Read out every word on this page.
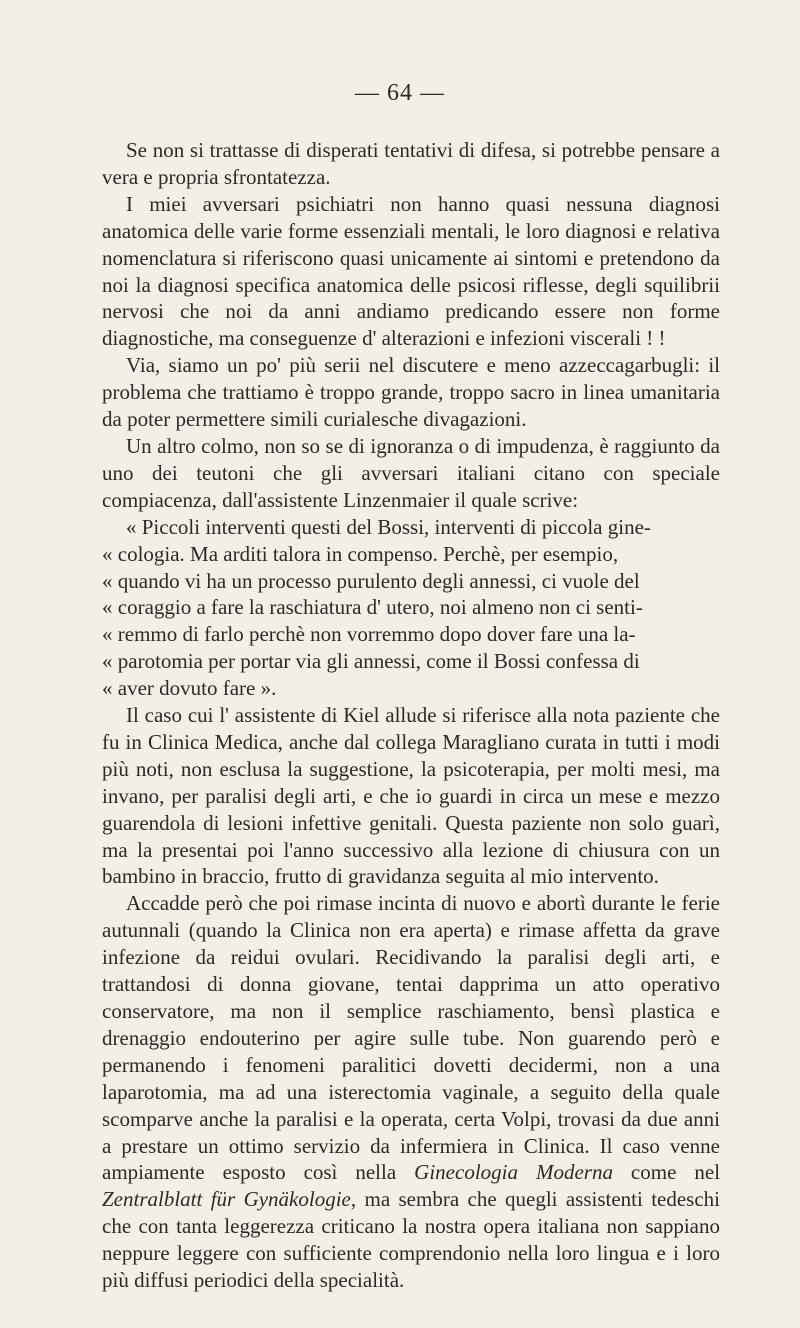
— 64 —

Se non si trattasse di disperati tentativi di difesa, si potrebbe pensare a vera e propria sfrontatezza.

I miei avversari psichiatri non hanno quasi nessuna diagnosi anatomica delle varie forme essenziali mentali, le loro diagnosi e relativa nomenclatura si riferiscono quasi unicamente ai sintomi e pretendono da noi la diagnosi specifica anatomica delle psicosi riflesse, degli squilibrii nervosi che noi da anni andiamo predicando essere non forme diagnostiche, ma conseguenze d' alterazioni e infezioni viscerali ! !

Via, siamo un po' più serii nel discutere e meno azzeccagarbugli: il problema che trattiamo è troppo grande, troppo sacro in linea umanitaria da poter permettere simili curialesche divagazioni.

Un altro colmo, non so se di ignoranza o di impudenza, è raggiunto da uno dei teutoni che gli avversari italiani citano con speciale compiacenza, dall'assistente Linzenmaier il quale scrive:

« Piccoli interventi questi del Bossi, interventi di piccola gine-
« cologia. Ma arditi talora in compenso. Perchè, per esempio,
« quando vi ha un processo purulento degli annessi, ci vuole del
« coraggio a fare la raschiatura d' utero, noi almeno non ci senti-
« remmo di farlo perchè non vorremmo dopo dover fare una la-
« parotomia per portar via gli annessi, come il Bossi confessa di
« aver dovuto fare ».

Il caso cui l' assistente di Kiel allude si riferisce alla nota paziente che fu in Clinica Medica, anche dal collega Maragliano curata in tutti i modi più noti, non esclusa la suggestione, la psicoterapia, per molti mesi, ma invano, per paralisi degli arti, e che io guardi in circa un mese e mezzo guarendola di lesioni infettive genitali. Questa paziente non solo guarì, ma la presentai poi l'anno successivo alla lezione di chiusura con un bambino in braccio, frutto di gravidanza seguita al mio intervento.

Accadde però che poi rimase incinta di nuovo e abortì durante le ferie autunnali (quando la Clinica non era aperta) e rimase affetta da grave infezione da reidui ovulari. Recidivando la paralisi degli arti, e trattandosi di donna giovane, tentai dapprima un atto operativo conservatore, ma non il semplice raschiamento, bensì plastica e drenaggio endouterino per agire sulle tube. Non guarendo però e permanendo i fenomeni paralitici dovetti decidermi, non a una laparotomia, ma ad una isterectomia vaginale, a seguito della quale scomparve anche la paralisi e la operata, certa Volpi, trovasi da due anni a prestare un ottimo servizio da infermiera in Clinica. Il caso venne ampiamente esposto così nella Ginecologia Moderna come nel Zentralblatt für Gynäkologie, ma sembra che quegli assistenti tedeschi che con tanta leggerezza criticano la nostra opera italiana non sappiano neppure leggere con sufficiente comprendonio nella loro lingua e i loro più diffusi periodici della specialità.
